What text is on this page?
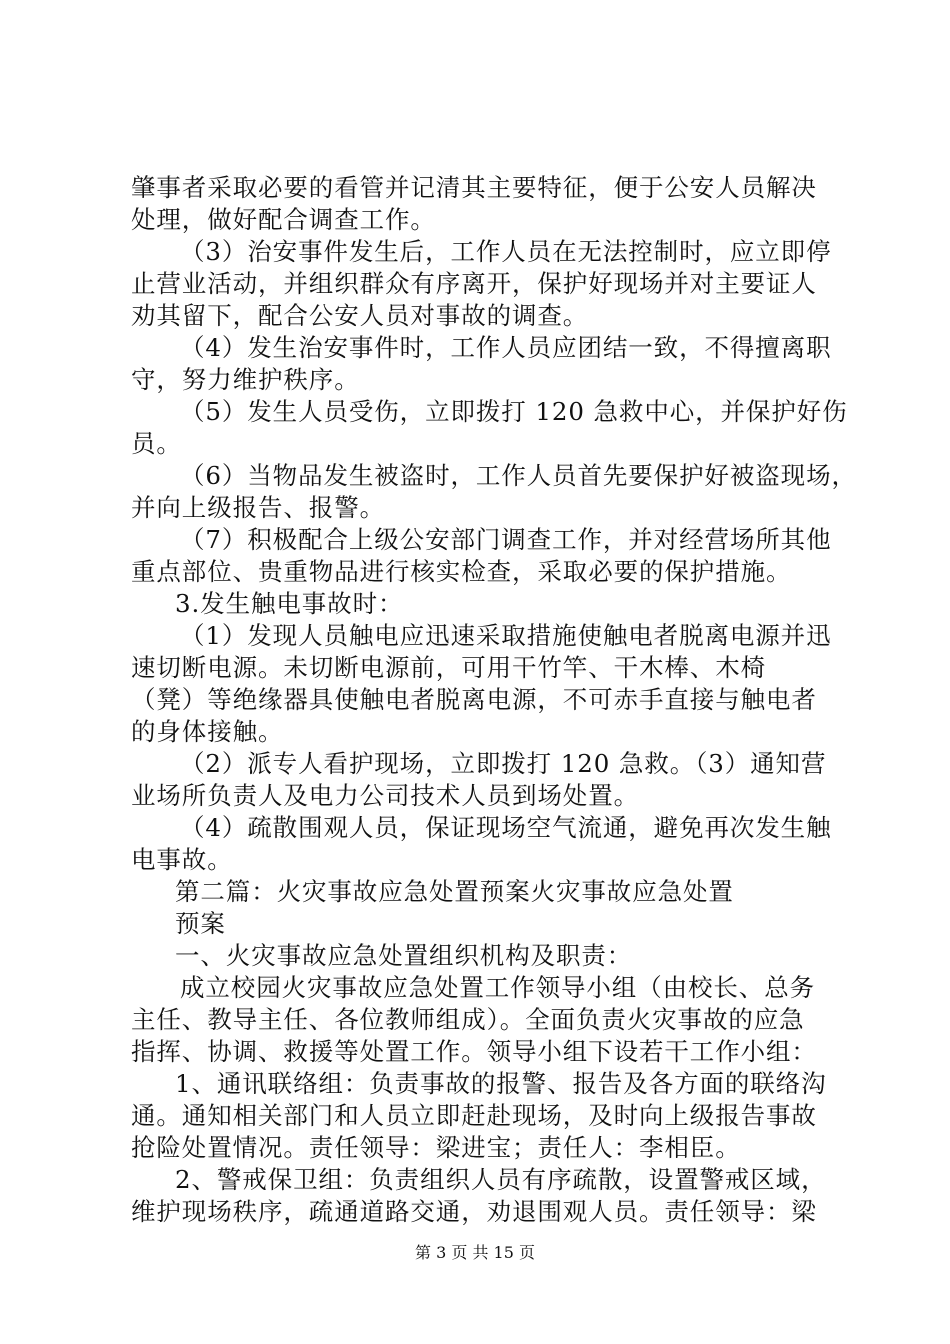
肇事者采取必要的看管并记清其主要特征，便于公安人员解决
处理，做好配合调查工作。
（3）治安事件发生后，工作人员在无法控制时，应立即停
止营业活动，并组织群众有序离开，保护好现场并对主要证人
劝其留下，配合公安人员对事故的调查。
（4）发生治安事件时，工作人员应团结一致，不得擅离职
守，努力维护秩序。
（5）发生人员受伤，立即拨打 120 急救中心，并保护好伤
员。
（6）当物品发生被盗时，工作人员首先要保护好被盗现场，
并向上级报告、报警。
（7）积极配合上级公安部门调查工作，并对经营场所其他
重点部位、贵重物品进行核实检查，采取必要的保护措施。
3.发生触电事故时：
（1）发现人员触电应迅速采取措施使触电者脱离电源并迅
速切断电源。未切断电源前，可用干竹竿、干木棒、木椅
（凳）等绝缘器具使触电者脱离电源，不可赤手直接与触电者
的身体接触。
（2）派专人看护现场，立即拨打 120 急救。（3）通知营
业场所负责人及电力公司技术人员到场处置。
（4）疏散围观人员，保证现场空气流通，避免再次发生触
电事故。
第二篇：火灾事故应急处置预案火灾事故应急处置
预案
一、火灾事故应急处置组织机构及职责：
成立校园火灾事故应急处置工作领导小组（由校长、总务
主任、教导主任、各位教师组成）。全面负责火灾事故的应急
指挥、协调、救援等处置工作。领导小组下设若干工作小组：
1、通讯联络组：负责事故的报警、报告及各方面的联络沟
通。通知相关部门和人员立即赶赴现场，及时向上级报告事故
抢险处置情况。责任领导：梁进宝；责任人：李相臣。
2、警戒保卫组：负责组织人员有序疏散，设置警戒区域，
维护现场秩序，疏通道路交通，劝退围观人员。责任领导：梁
第 3 页 共 15 页
